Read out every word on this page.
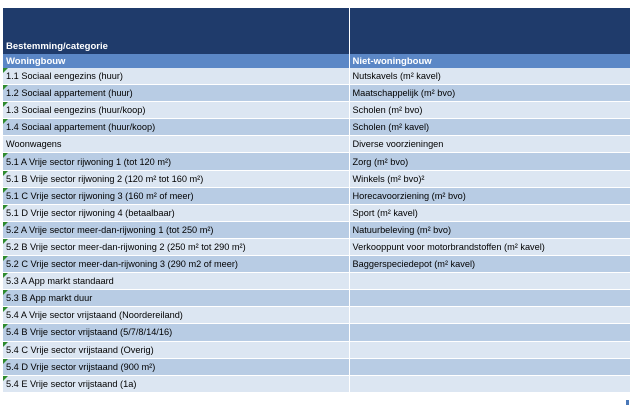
Bestemming/categorie	
Woningbouw	Niet-woningbouw
1.1 Sociaal eengezins (huur)	Nutskavels (m² kavel)
1.2 Sociaal appartement (huur)	Maatschappelijk (m² bvo)
1.3 Sociaal eengezins (huur/koop)	Scholen (m² bvo)
1.4 Sociaal appartement (huur/koop)	Scholen (m² kavel)
Woonwagens	Diverse voorzieningen
5.1 A Vrije sector rijwoning 1 (tot 120 m²)	Zorg (m² bvo)
5.1 B Vrije sector rijwoning 2 (120 m² tot 160 m²)	Winkels (m² bvo)²
5.1 C Vrije sector rijwoning 3 (160 m² of meer)	Horecavoorziening (m² bvo)
5.1 D Vrije sector rijwoning 4 (betaalbaar)	Sport (m² kavel)
5.2 A Vrije sector meer-dan-rijwoning 1 (tot 250 m²)	Natuurbeleving (m² bvo)
5.2 B Vrije sector meer-dan-rijwoning 2 (250 m² tot 290 m²)	Verkooppunt voor motorbrandstoffen (m² kavel)
5.2 C Vrije sector meer-dan-rijwoning 3 (290 m2 of meer)	Baggerspeciedepot (m² kavel)
5.3 A App markt standaard

5.3 B App markt duur

5.4 A Vrije sector vrijstaand (Noordereiland)

5.4 B Vrije sector vrijstaand (5/7/8/14/16)

5.4 C Vrije sector vrijstaand (Overig)

5.4 D Vrije sector vrijstaand (900 m²)

5.4 E Vrije sector vrijstaand (1a)
